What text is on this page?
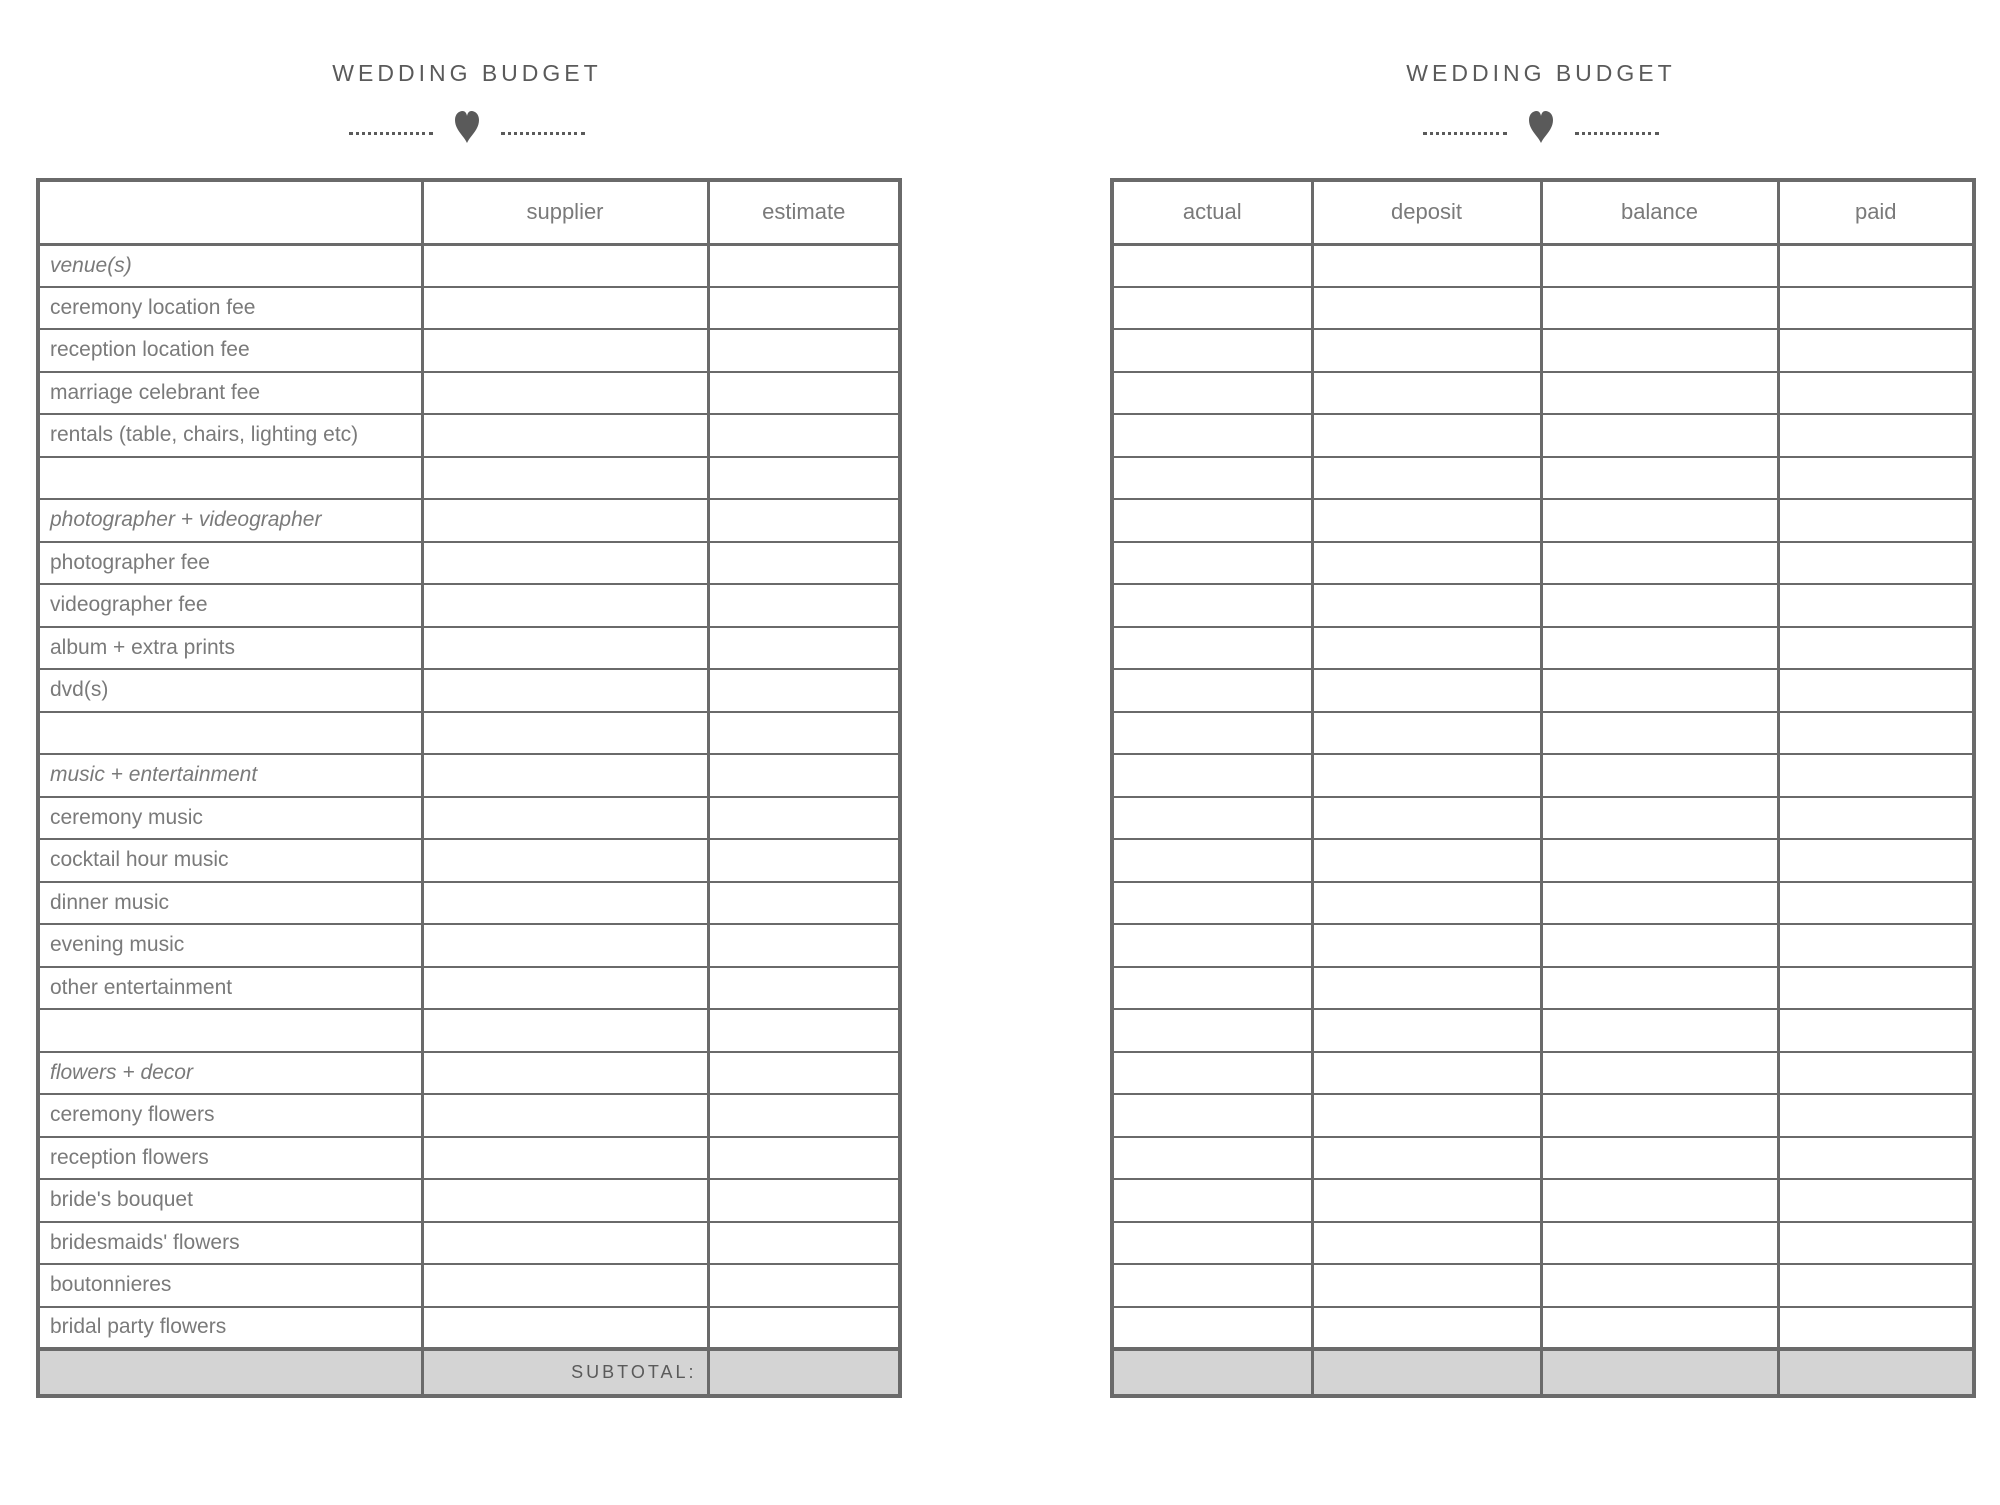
WEDDING BUDGET
	supplier	estimate
venue(s)		
ceremony location fee		
reception location fee		
marriage celebrant fee		
rentals (table, chairs, lighting etc)		

photographer + videographer		
photographer fee		
videographer fee		
album + extra prints		
dvd(s)		

music + entertainment		
ceremony music		
cocktail hour music		
dinner music		
evening music		
other entertainment		

flowers + decor		
ceremony flowers		
reception flowers		
bride's bouquet		
bridesmaids' flowers		
boutonnieres		
bridal party flowers		
	SUBTOTAL:	
WEDDING BUDGET
actual	deposit	balance	paid
